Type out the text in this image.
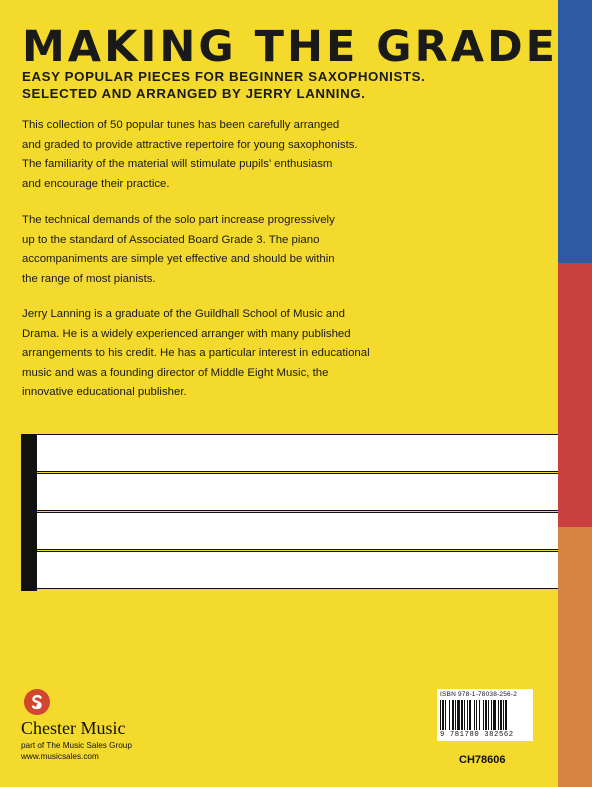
MAKING THE GRADE
EASY POPULAR PIECES FOR BEGINNER SAXOPHONISTS.
SELECTED AND ARRANGED BY JERRY LANNING.
This collection of 50 popular tunes has been carefully arranged
and graded to provide attractive repertoire for young saxophonists.
The familiarity of the material will stimulate pupils’ enthusiasm
and encourage their practice.
The technical demands of the solo part increase progressively
up to the standard of Associated Board Grade 3. The piano
accompaniments are simple yet effective and should be within
the range of most pianists.
Jerry Lanning is a graduate of the Guildhall School of Music and
Drama. He is a widely experienced arranger with many published
arrangements to his credit. He has a particular interest in educational
music and was a founding director of Middle Eight Music, the
innovative educational publisher.
Chester Music
part of The Music Sales Group
www.musicsales.com
ISBN 978-1-78038-256-2
9 781780 382562
CH78606
